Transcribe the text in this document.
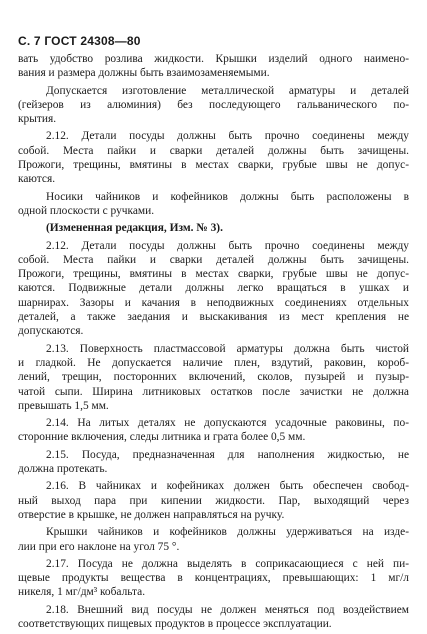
С. 7 ГОСТ 24308—80
вать удобство розлива жидкости. Крышки изделий одного наимено-
вания и размера должны быть взаимозаменяемыми.
Допускается изготовление металлической арматуры и деталей
(гейзеров из алюминия) без последующего гальванического по-
крытия.
2.12. Детали посуды должны быть прочно соединены между
собой. Места пайки и сварки деталей должны быть зачищены.
Прожоги, трещины, вмятины в местах сварки, грубые швы не допус-
каются.
Носики чайников и кофейников должны быть расположены в
одной плоскости с ручками.
(Измененная редакция, Изм. № 3).
2.12. Детали посуды должны быть прочно соединены между
собой. Места пайки и сварки деталей должны быть зачищены.
Прожоги, трещины, вмятины в местах сварки, грубые швы не допус-
каются. Подвижные детали должны легко вращаться в ушках и
шарнирах. Зазоры и качания в неподвижных соединениях отдельных
деталей, а также заедания и выскакивания из мест крепления не
допускаются.
2.13. Поверхность пластмассовой арматуры должна быть чистой
и гладкой. Не допускается наличие плен, вздутий, раковин, короб-
лений, трещин, посторонних включений, сколов, пузырей и пузыр-
чатой сыпи. Ширина литниковых остатков после зачистки не должна
превышать 1,5 мм.
2.14. На литых деталях не допускаются усадочные раковины, по-
сторонние включения, следы литника и грата более 0,5 мм.
2.15. Посуда, предназначенная для наполнения жидкостью, не
должна протекать.
2.16. В чайниках и кофейниках должен быть обеспечен свобод-
ный выход пара при кипении жидкости. Пар, выходящий через
отверстие в крышке, не должен направляться на ручку.
Крышки чайников и кофейников должны удерживаться на изде-
лии при его наклоне на угол 75 °.
2.17. Посуда не должна выделять в соприкасающиеся с ней пи-
щевые продукты вещества в концентрациях, превышающих: 1 мг/л
никеля, 1 мг/дм³ кобальта.
2.18. Внешний вид посуды не должен меняться под воздействием
соответствующих пищевых продуктов в процессе эксплуатации.
